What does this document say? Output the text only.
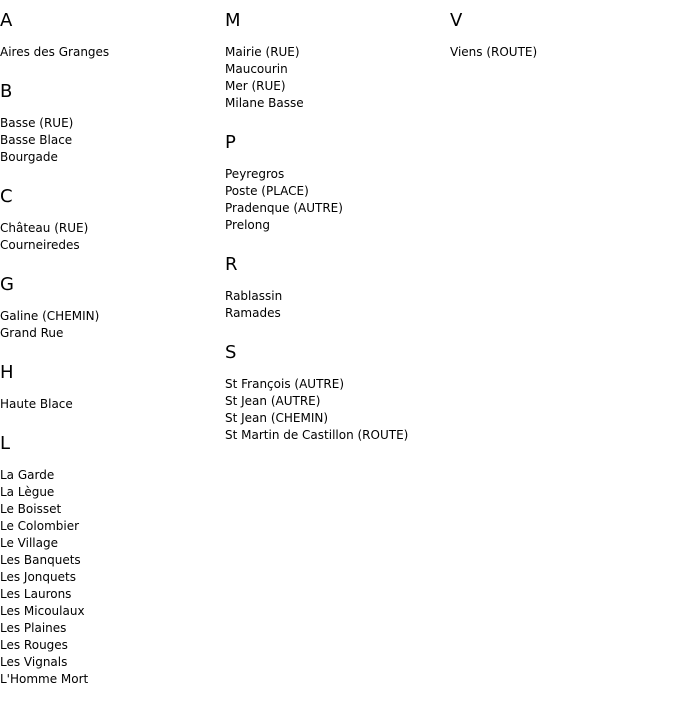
A
Aires des Granges
B
Basse (RUE)
Basse Blace
Bourgade
C
Château (RUE)
Courneiredes
G
Galine (CHEMIN)
Grand Rue
H
Haute Blace
L
La Garde
La Lègue
Le Boisset
Le Colombier
Le Village
Les Banquets
Les Jonquets
Les Laurons
Les Micoulaux
Les Plaines
Les Rouges
Les Vignals
L'Homme Mort
M
Mairie (RUE)
Maucourin
Mer (RUE)
Milane Basse
P
Peyregros
Poste (PLACE)
Pradenque (AUTRE)
Prelong
R
Rablassin
Ramades
S
St François (AUTRE)
St Jean (AUTRE)
St Jean (CHEMIN)
St Martin de Castillon (ROUTE)
V
Viens (ROUTE)
